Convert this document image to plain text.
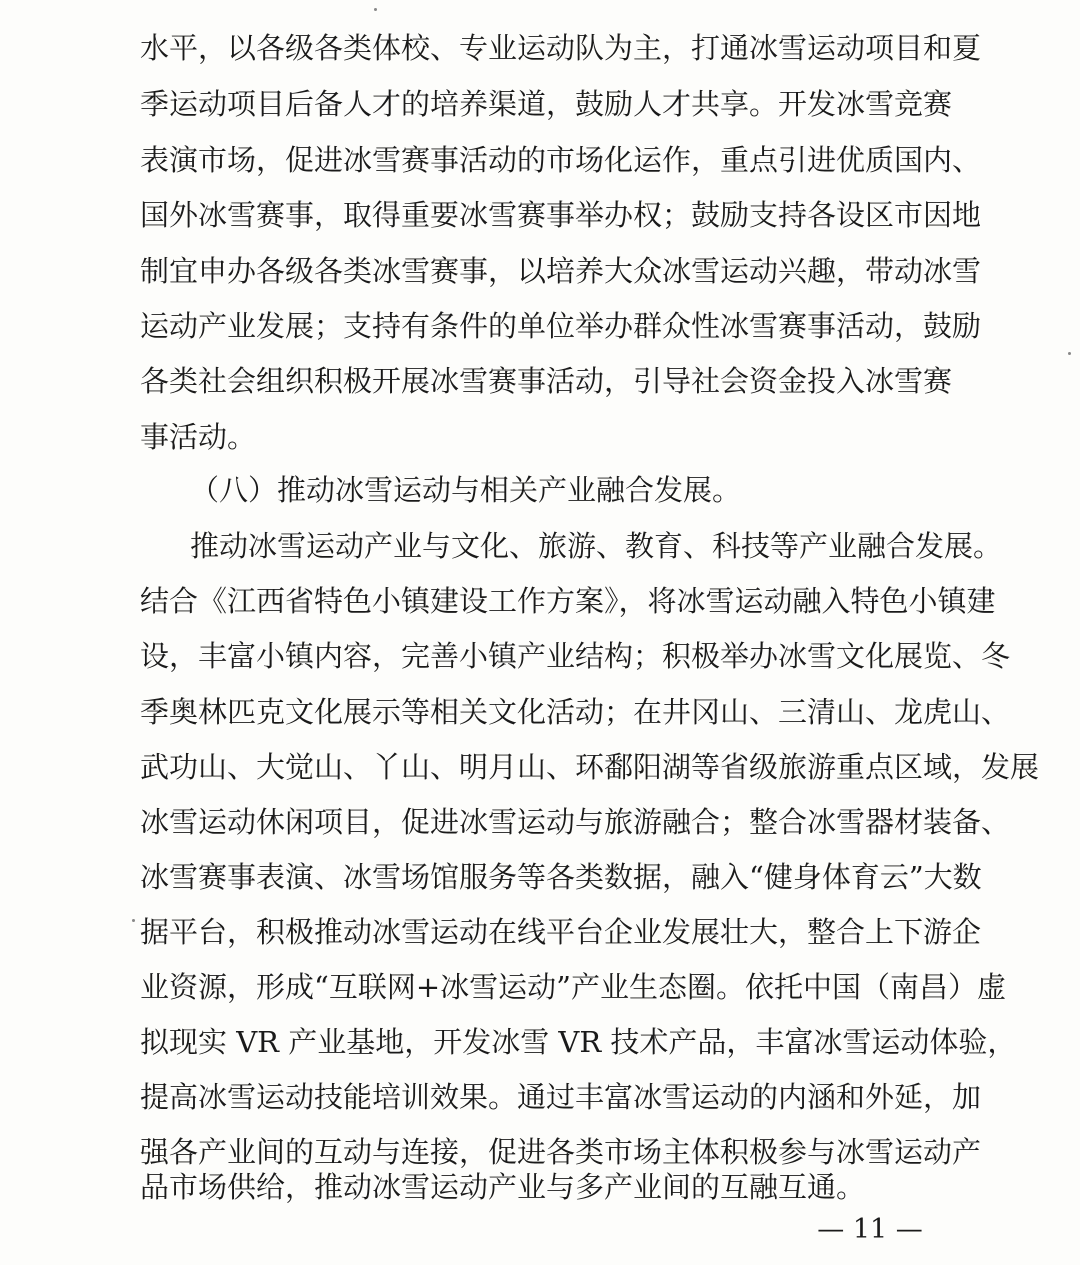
水平，以各级各类体校、专业运动队为主，打通冰雪运动项目和夏
季运动项目后备人才的培养渠道，鼓励人才共享。开发冰雪竞赛
表演市场，促进冰雪赛事活动的市场化运作，重点引进优质国内、
国外冰雪赛事，取得重要冰雪赛事举办权；鼓励支持各设区市因地
制宜申办各级各类冰雪赛事，以培养大众冰雪运动兴趣，带动冰雪
运动产业发展；支持有条件的单位举办群众性冰雪赛事活动，鼓励
各类社会组织积极开展冰雪赛事活动，引导社会资金投入冰雪赛
事活动。
（八）推动冰雪运动与相关产业融合发展。
推动冰雪运动产业与文化、旅游、教育、科技等产业融合发展。
结合《江西省特色小镇建设工作方案》，将冰雪运动融入特色小镇建
设，丰富小镇内容，完善小镇产业结构；积极举办冰雪文化展览、冬
季奥林匹克文化展示等相关文化活动；在井冈山、三清山、龙虎山、
武功山、大觉山、丫山、明月山、环鄱阳湖等省级旅游重点区域，发展
冰雪运动休闲项目，促进冰雪运动与旅游融合；整合冰雪器材装备、
冰雪赛事表演、冰雪场馆服务等各类数据，融入“健身体育云”大数
据平台，积极推动冰雪运动在线平台企业发展壮大，整合上下游企
业资源，形成“互联网+冰雪运动”产业生态圈。依托中国（南昌）虚
拟现实 VR 产业基地，开发冰雪 VR 技术产品，丰富冰雪运动体验，
提高冰雪运动技能培训效果。通过丰富冰雪运动的内涵和外延，加
强各产业间的互动与连接，促进各类市场主体积极参与冰雪运动产
品市场供给，推动冰雪运动产业与多产业间的互融互通。
— 11 —
